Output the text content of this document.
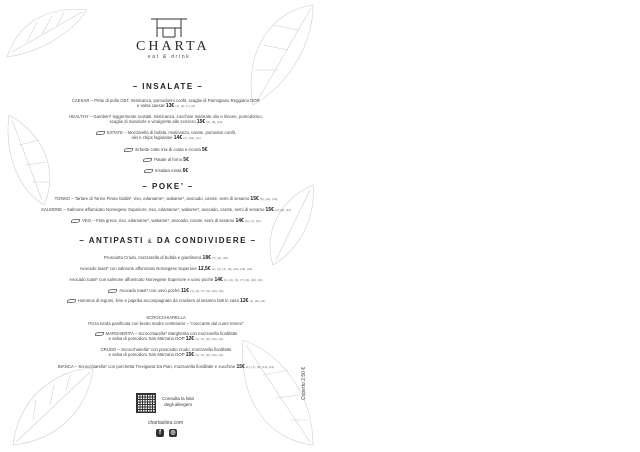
CHARTA
eat & drink
– INSALATE –
CAESAR – Petto di pollo CBT, misticanza, pomodorini confit, scaglie di Parmigiano Reggiano DOP,
e salsa caesar 13€ (1), (3), (7), (9)
HEALTHY – Gamberi* leggermente scottati, misticanza, zucchine marinate olio e limone, pomodorino,
scaglie di mandorle e vinaigrette alle zenzero 15€ (2), (8), (10)
ESTATE – Mozzarella di bufala, misticanza, carote, pomodori confit,
olio e chips fagiolame 14€ (7), (10), (11)
Erbette cotte mix di costa e cicoria 5€
Patate al forno 5€
Insalata mista 6€
– POKE’ –
TONNO – Tartare di Tonno Pinna Gialla*, riso, edamame*, wakame*, avocado, carote, semi di sesamo 15€ (6), (11), (14)
SALMONE – Salmone affumicato Norvegese Superiore, riso, edamame*, wakame*, avocado, carote, semi di sesamo 15€ (4), (6), (11)
VEG – Feta greca, riso, edamame*, wakame*, avocado, carote, semi di sesamo 14€ (6), (7), (11)
– ANTIPASTI & DA CONDIVIDERE –
Prosciutto Crudo, mozzarella di bufala e giardiniera 18€ (7), (9), (10)
Avocado toast* con salmone affumicato Norvegese Superiore 12,5€ (1), (4), (7), (9), (10), (11), (12)
Avocado toast* con salmone affumicato Norvegese Superiore e uovo pochè 14€ (1), (3), (4), (7), (9), (10), (11)
Avocado toast* con uovo pochè 11€ (1), (3), (7), (9), (10), (11)
Hummus di legumi, lime e paprika accompagnato da crackers al sesamo fatti in casa 12€ (1), (8), (11)
SCROCCHIARELLA
Pizza tonda panificata con lievito madre centenario – “croccante dal cuore tenero”
MARGHERITA – Scrocchiarella* Margherita con mozzarella fiordilatte
e salsa di pomodoro San Marzano DOP 12€ (1), (7), (9), (10), (11)
CRUDO – Scrocchiarella* con prosciutto crudo, mozzarella fiordilatte
e salsa di pomodoro San Marzano DOP 15€ (1), (7), (9), (10), (11)
BIANCA – Scrocchiarella* con porchetta Trevigiana Da Pian, mozzarella fiordilatte e zucchine 15€ (1), (7), (9), (10), (11)
Consulta la lista
degli allergeni
chartasilea.com
f	◎
Coperto 2,50 €
